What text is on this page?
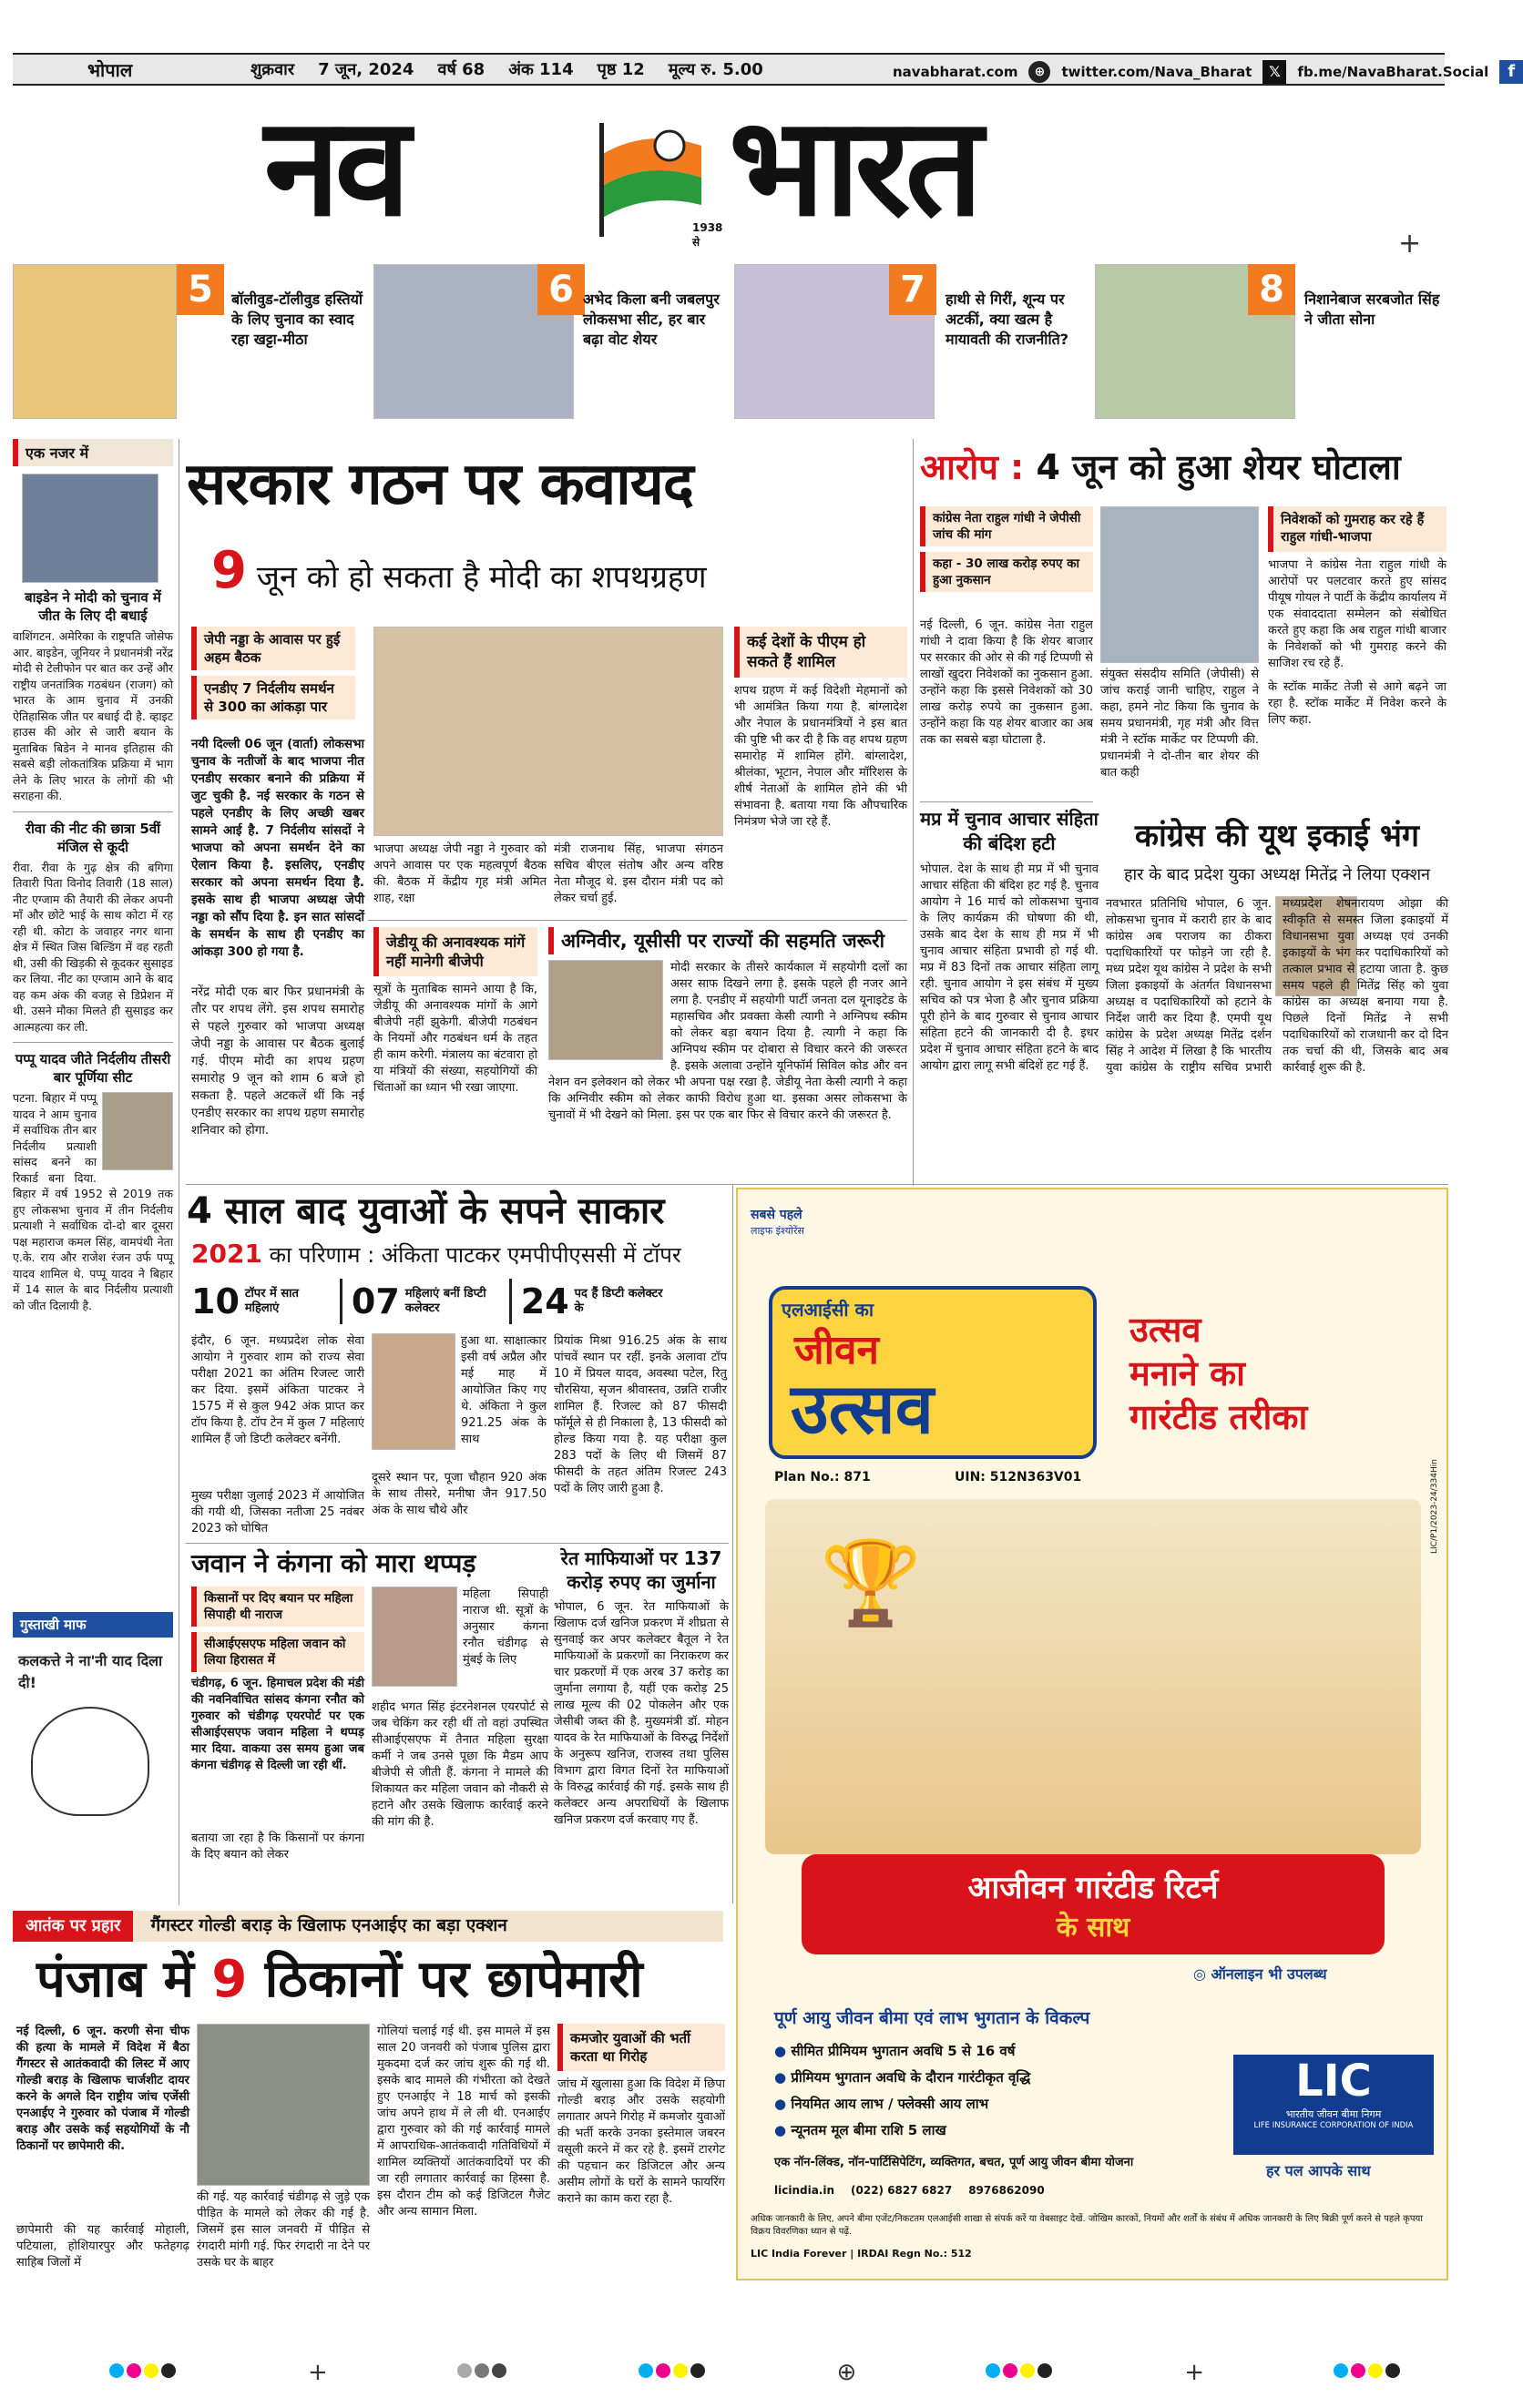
भोपाल	शुक्रवार 7 जून, 2024 वर्ष 68 अंक 114 पृष्ठ 12 मूल्य रु. 5.00	navabharat.com	⊕	twitter.com/Nava_Bharat	𝕏	fb.me/NavaBharat.Social	f
नव	1938 से भारत	+
5	बॉलीवुड-टॉलीवुड हस्तियों के लिए चुनाव का स्वाद रहा खट्टा-मीठा
6 अभेद किला बनी जबलपुर लोकसभा सीट, हर बार बढ़ा वोट शेयर
7	हाथी से गिरीं, शून्य पर अटकीं, क्या खत्म है मायावती की राजनीति?
8	निशानेबाज सरबजोत सिंह ने जीता सोना
एक नजर में
बाइडेन ने मोदी को चुनाव में जीत के लिए दी बधाई
वाशिंगटन. अमेरिका के राष्ट्रपति जोसेफ आर. बाइडेन, जूनियर ने प्रधानमंत्री नरेंद्र मोदी से टेलीफोन पर बात कर उन्हें और राष्ट्रीय जनतांत्रिक गठबंधन (राजग) को भारत के आम चुनाव में उनकी ऐतिहासिक जीत पर बधाई दी है. व्हाइट हाउस की ओर से जारी बयान के मुताबिक बिडेन ने मानव इतिहास की सबसे बड़ी लोकतांत्रिक प्रक्रिया में भाग लेने के लिए भारत के लोगों की भी सराहना की.
रीवा की नीट की छात्रा 5वीं मंजिल से कूदी
रीवा. रीवा के गुढ़ क्षेत्र की बगिगा तिवारी पिता विनोद तिवारी (18 साल) नीट एग्जाम की तैयारी की लेकर अपनी माँ और छोटे भाई के साथ कोटा में रह रही थी. कोटा के जवाहर नगर थाना क्षेत्र में स्थित जिस बिल्डिंग में वह रहती थी, उसी की खिड़की से कूदकर सुसाइड कर लिया. नीट का एग्जाम आने के बाद वह कम अंक की वजह से डिप्रेशन में थी. उसने मौका मिलते ही सुसाइड कर आत्महत्या कर ली.
पप्पू यादव जीते निर्दलीय तीसरी बार पूर्णिया सीट
पटना. बिहार में पप्पू यादव ने आम चुनाव में सर्वाधिक तीन बार निर्दलीय प्रत्याशी सांसद बनने का रिकार्ड बना दिया. बिहार में वर्ष 1952 से 2019 तक हुए लोकसभा चुनाव में तीन निर्दलीय प्रत्याशी ने सर्वाधिक दो-दो बार दूसरा पक्ष महाराज कमल सिंह, वामपंथी नेता ए.के. राय और राजेश रंजन उर्फ पप्पू यादव शामिल थे. पप्पू यादव ने बिहार में 14 साल के बाद निर्दलीय प्रत्याशी को जीत दिलायी है.
गुस्ताखी माफ
कलकत्ते ने ना'नी याद दिला दी!
सरकार गठन पर कवायद
9 जून को हो सकता है मोदी का शपथग्रहण
जेपी नड्डा के आवास पर हुई अहम बैठक
एनडीए 7 निर्दलीय समर्थन से 300 का आंकड़ा पार
नयी दिल्ली 06 जून (वार्ता) लोकसभा चुनाव के नतीजों के बाद भाजपा नीत एनडीए सरकार बनाने की प्रक्रिया में जुट चुकी है. नई सरकार के गठन से पहले एनडीए के लिए अच्छी खबर सामने आई है. 7 निर्दलीय सांसदों ने भाजपा को अपना समर्थन देने का ऐलान किया है. इसलिए, एनडीए सरकार को अपना समर्थन दिया है. इसके साथ ही भाजपा अध्यक्ष जेपी नड्डा को सौंप दिया है. इन सात सांसदों के समर्थन के साथ ही एनडीए का आंकड़ा 300 हो गया है.
नरेंद्र मोदी एक बार फिर प्रधानमंत्री के तौर पर शपथ लेंगे. इस शपथ समारोह से पहले गुरुवार को भाजपा अध्यक्ष जेपी नड्डा के आवास पर बैठक बुलाई गई. पीएम मोदी का शपथ ग्रहण समारोह 9 जून को शाम 6 बजे हो सकता है. पहले अटकलें थीं कि नई एनडीए सरकार का शपथ ग्रहण समारोह शनिवार को होगा.
भाजपा अध्यक्ष जेपी नड्डा ने गुरुवार को अपने आवास पर एक महत्वपूर्ण बैठक की. बैठक में केंद्रीय गृह मंत्री अमित शाह, रक्षा
मंत्री राजनाथ सिंह, भाजपा संगठन सचिव बीएल संतोष और अन्य वरिष्ठ नेता मौजूद थे. इस दौरान मंत्री पद को लेकर चर्चा हुई.
कई देशों के पीएम हो सकते हैं शामिल
शपथ ग्रहण में कई विदेशी मेहमानों को भी आमंत्रित किया गया है. बांग्लादेश और नेपाल के प्रधानमंत्रियों ने इस बात की पुष्टि भी कर दी है कि वह शपथ ग्रहण समारोह में शामिल होंगे. बांग्लादेश, श्रीलंका, भूटान, नेपाल और मॉरिशस के शीर्ष नेताओं के शामिल होने की भी संभावना है. बताया गया कि औपचारिक निमंत्रण भेजे जा रहे हैं.
जेडीयू की अनावश्यक मांगें नहीं मानेगी बीजेपी
सूत्रों के मुताबिक सामने आया है कि, जेडीयू की अनावश्यक मांगों के आगे बीजेपी नहीं झुकेगी. बीजेपी गठबंधन के नियमों और गठबंधन धर्म के तहत ही काम करेगी. मंत्रालय का बंटवारा हो या मंत्रियों की संख्या, सहयोगियों की चिंताओं का ध्यान भी रखा जाएगा.
अग्निवीर, यूसीसी पर राज्यों की सहमति जरूरी
मोदी सरकार के तीसरे कार्यकाल में सहयोगी दलों का असर साफ दिखने लगा है. इसके पहले ही नजर आने लगा है. एनडीए में सहयोगी पार्टी जनता दल यूनाइटेड के महासचिव और प्रवक्ता केसी त्यागी ने अग्निपथ स्कीम को लेकर बड़ा बयान दिया है. त्यागी ने कहा कि अग्निपथ स्कीम पर दोबारा से विचार करने की जरूरत है. इसके अलावा उन्होंने यूनिफॉर्म सिविल कोड और वन नेशन वन इलेक्शन को लेकर भी अपना पक्ष रखा है. जेडीयू नेता केसी त्यागी ने कहा कि अग्निवीर स्कीम को लेकर काफी विरोध हुआ था. इसका असर लोकसभा के चुनावों में भी देखने को मिला. इस पर एक बार फिर से विचार करने की जरूरत है.
आरोप : 4 जून को हुआ शेयर घोटाला
कांग्रेस नेता राहुल गांधी ने जेपीसी जांच की मांग
कहा - 30 लाख करोड़ रुपए का हुआ नुकसान
नई दिल्ली, 6 जून. कांग्रेस नेता राहुल गांधी ने दावा किया है कि शेयर बाजार पर सरकार की ओर से की गई टिप्पणी से लाखों खुदरा निवेशकों का नुकसान हुआ. उन्होंने कहा कि इससे निवेशकों को 30 लाख करोड़ रुपये का नुकसान हुआ. उन्होंने कहा कि यह शेयर बाजार का अब तक का सबसे बड़ा घोटाला है.
संयुक्त संसदीय समिति (जेपीसी) से जांच कराई जानी चाहिए, राहुल ने कहा, हमने नोट किया कि चुनाव के समय प्रधानमंत्री, गृह मंत्री और वित्त मंत्री ने स्टॉक मार्केट पर टिप्पणी की. प्रधानमंत्री ने दो-तीन बार शेयर की बात कही
निवेशकों को गुमराह कर रहे हैं राहुल गांधी-भाजपा
भाजपा ने कांग्रेस नेता राहुल गांधी के आरोपों पर पलटवार करते हुए सांसद पीयूष गोयल ने पार्टी के केंद्रीय कार्यालय में एक संवाददाता सम्मेलन को संबोधित करते हुए कहा कि अब राहुल गांधी बाजार के निवेशकों को भी गुमराह करने की साजिश रच रहे हैं.
के स्टॉक मार्केट तेजी से आगे बढ़ने जा रहा है. स्टॉक मार्केट में निवेश करने के लिए कहा.
मप्र में चुनाव आचार संहिता की बंदिश हटी
भोपाल. देश के साथ ही मप्र में भी चुनाव आचार संहिता की बंदिश हट गई है. चुनाव आयोग ने 16 मार्च को लोकसभा चुनाव के लिए कार्यक्रम की घोषणा की थी, उसके बाद देश के साथ ही मप्र में भी चुनाव आचार संहिता प्रभावी हो गई थी. मप्र में 83 दिनों तक आचार संहिता लागू रही. चुनाव आयोग ने इस संबंध में मुख्य सचिव को पत्र भेजा है और चुनाव प्रक्रिया पूरी होने के बाद गुरुवार से चुनाव आचार संहिता हटने की जानकारी दी है. इधर प्रदेश में चुनाव आचार संहिता हटने के बाद आयोग द्वारा लागू सभी बंदिशें हट गई हैं.
कांग्रेस की यूथ इकाई भंग
हार के बाद प्रदेश युका अध्यक्ष मितेंद्र ने लिया एक्शन
नवभारत प्रतिनिधि भोपाल, 6 जून. लोकसभा चुनाव में करारी हार के बाद कांग्रेस अब पराजय का ठीकरा पदाधिकारियों पर फोड़ने जा रही है. मध्य प्रदेश यूथ कांग्रेस ने प्रदेश के सभी जिला इकाइयों के अंतर्गत विधानसभा अध्यक्ष व पदाधिकारियों को हटाने के निर्देश जारी कर दिया है. एमपी यूथ कांग्रेस के प्रदेश अध्यक्ष मितेंद्र दर्शन सिंह ने आदेश में लिखा है कि भारतीय युवा कांग्रेस के राष्ट्रीय सचिव प्रभारी मध्यप्रदेश शेषनारायण ओझा की स्वीकृति से समस्त जिला इकाइयों में विधानसभा युवा अध्यक्ष एवं उनकी इकाइयों के भंग कर पदाधिकारियों को तत्काल प्रभाव से हटाया जाता है. कुछ समय पहले ही मितेंद्र सिंह को युवा कांग्रेस का अध्यक्ष बनाया गया है. पिछले दिनों मितेंद्र ने सभी पदाधिकारियों को राजधानी कर दो दिन तक चर्चा की थी, जिसके बाद अब कार्रवाई शुरू की है.
4 साल बाद युवाओं के सपने साकार
2021 का परिणाम : अंकिता पाटकर एमपीपीएससी में टॉपर
10 टॉपर में सात महिलाएं	07 महिलाएं बनीं डिप्टी कलेक्टर	24 पद हैं डिप्टी कलेक्टर के
इंदौर, 6 जून. मध्यप्रदेश लोक सेवा आयोग ने गुरुवार शाम को राज्य सेवा परीक्षा 2021 का अंतिम रिजल्ट जारी कर दिया. इसमें अंकिता पाटकर ने 1575 में से कुल 942 अंक प्राप्त कर टॉप किया है. टॉप टेन में कुल 7 महिलाएं शामिल हैं जो डिप्टी कलेक्टर बनेंगी.
मुख्य परीक्षा जुलाई 2023 में आयोजित की गयी थी, जिसका नतीजा 25 नवंबर 2023 को घोषित
हुआ था. साक्षात्कार इसी वर्ष अप्रैल और मई माह में आयोजित किए गए थे. अंकिता ने कुल 921.25 अंक के साथ
दूसरे स्थान पर, पूजा चौहान 920 अंक के साथ तीसरे, मनीषा जैन 917.50 अंक के साथ चौथे और
प्रियांक मिश्रा 916.25 अंक के साथ पांचवें स्थान पर रहीं. इनके अलावा टॉप 10 में प्रियल यादव, अवस्था पटेल, रितु चौरसिया, सृजन श्रीवास्तव, उन्नति राजीर शामिल हैं. रिजल्ट को 87 फीसदी फॉर्मूले से ही निकाला है, 13 फीसदी को होल्ड किया गया है. यह परीक्षा कुल 283 पदों के लिए थी जिसमें 87 फीसदी के तहत अंतिम रिजल्ट 243 पदों के लिए जारी हुआ है.
जवान ने कंगना को मारा थप्पड़
किसानों पर दिए बयान पर महिला सिपाही थी नाराज
सीआईएसएफ महिला जवान को लिया हिरासत में
चंडीगढ़, 6 जून. हिमाचल प्रदेश की मंडी की नवनिर्वाचित सांसद कंगना रनौत को गुरुवार को चंडीगढ़ एयरपोर्ट पर एक सीआईएसएफ जवान महिला ने थप्पड़ मार दिया. वाकया उस समय हुआ जब कंगना चंडीगढ़ से दिल्ली जा रही थीं.
बताया जा रहा है कि किसानों पर कंगना के दिए बयान को लेकर
महिला सिपाही नाराज थी. सूत्रों के अनुसार कंगना रनौत चंडीगढ़ से मुंबई के लिए
शहीद भगत सिंह इंटरनेशनल एयरपोर्ट से जब चेकिंग कर रही थीं तो वहां उपस्थित सीआईएसएफ में तैनात महिला सुरक्षा कर्मी ने जब उनसे पूछा कि मैडम आप बीजेपी से जीती हैं. कंगना ने मामले की शिकायत कर महिला जवान को नौकरी से हटाने और उसके खिलाफ कार्रवाई करने की मांग की है.
रेत माफियाओं पर 137 करोड़ रुपए का जुर्माना
भोपाल, 6 जून. रेत माफियाओं के खिलाफ दर्ज खनिज प्रकरण में शीघ्रता से सुनवाई कर अपर कलेक्टर बैतूल ने रेत माफियाओं के प्रकरणों का निराकरण कर चार प्रकरणों में एक अरब 37 करोड़ का जुर्माना लगाया है, यहीं एक करोड़ 25 लाख मूल्य की 02 पोकलेन और एक जेसीबी जब्त की है. मुख्यमंत्री डॉ. मोहन यादव के रेत माफियाओं के विरुद्ध निर्देशों के अनुरूप खनिज, राजस्व तथा पुलिस विभाग द्वारा विगत दिनों रेत माफियाओं के विरुद्ध कार्रवाई की गई. इसके साथ ही कलेक्टर अन्य अपराधियों के खिलाफ खनिज प्रकरण दर्ज करवाए गए हैं.
सबसे पहले
लाइफ इंश्योरेंस
एलआईसी का
जीवन
उत्सव
Plan No.: 871	UIN: 512N363V01
उत्सव
मनाने का
गारंटीड तरीका
🏆
आजीवन गारंटीड रिटर्न
के साथ
◎ ऑनलाइन भी उपलब्ध
पूर्ण आयु जीवन बीमा एवं लाभ भुगतान के विकल्प
● सीमित प्रीमियम भुगतान अवधि 5 से 16 वर्ष
● प्रीमियम भुगतान अवधि के दौरान गारंटीकृत वृद्धि
● नियमित आय लाभ / फ्लेक्सी आय लाभ
● न्यूनतम मूल बीमा राशि 5 लाख
LIC
भारतीय जीवन बीमा निगम
LIFE INSURANCE CORPORATION OF INDIA
एक नॉन-लिंक्ड, नॉन-पार्टिसिपेटिंग, व्यक्तिगत, बचत, पूर्ण आयु जीवन बीमा योजना	हर पल आपके साथ
licindia.in (022) 6827 6827 8976862090
अधिक जानकारी के लिए, अपने बीमा एजेंट/निकटतम एलआईसी शाखा से संपर्क करें या वेबसाइट देखें. जोखिम कारकों, नियमों और शर्तों के संबंध में अधिक जानकारी के लिए बिक्री पूर्ण करने से पहले कृपया विक्रय विवरणिका ध्यान से पढ़ें.
LIC India Forever | IRDAI Regn No.: 512
LIC/P1/2023-24/334Hin
आतंक पर प्रहार गैंगस्टर गोल्डी बराड़ के खिलाफ एनआईए का बड़ा एक्शन
पंजाब में 9 ठिकानों पर छापेमारी
नई दिल्ली, 6 जून. करणी सेना चीफ की हत्या के मामले में विदेश में बैठा गैंगस्टर से आतंकवादी की लिस्ट में आए गोल्डी बराड़ के खिलाफ चार्जशीट दायर करने के अगले दिन राष्ट्रीय जांच एजेंसी एनआईए ने गुरुवार को पंजाब में गोल्डी बराड़ और उसके कई सहयोगियों के नौ ठिकानों पर छापेमारी की.
छापेमारी की यह कार्रवाई मोहाली, पटियाला, होशियारपुर और फतेहगढ़ साहिब जिलों में
की गई. यह कार्रवाई चंडीगढ़ से जुड़े एक पीड़ित के मामले को लेकर की गई है. जिसमें इस साल जनवरी में पीड़ित से रंगदारी मांगी गई. फिर रंगदारी ना देने पर उसके घर के बाहर
गोलियां चलाई गई थी. इस मामले में इस साल 20 जनवरी को पंजाब पुलिस द्वारा मुकदमा दर्ज कर जांच शुरू की गई थी. इसके बाद मामले की गंभीरता को देखते हुए एनआईए ने 18 मार्च को इसकी जांच अपने हाथ में ले ली थी. एनआईए द्वारा गुरुवार को की गई कार्रवाई मामले में आपराधिक-आतंकवादी गतिविधियों में शामिल व्यक्तियों आतंकवादियों पर की जा रही लगातार कार्रवाई का हिस्सा है. इस दौरान टीम को कई डिजिटल गैजेट और अन्य सामान मिला.
कमजोर युवाओं की भर्ती करता था गिरोह
जांच में खुलासा हुआ कि विदेश में छिपा गोल्डी बराड़ और उसके सहयोगी लगातार अपने गिरोह में कमजोर युवाओं की भर्ती करके उनका इस्तेमाल जबरन वसूली करने में कर रहे है. इसमें टारगेट की पहचान कर डिजिटल और अन्य असीम लोगों के घरों के सामने फायरिंग कराने का काम करा रहा है.
+	⊕	+
